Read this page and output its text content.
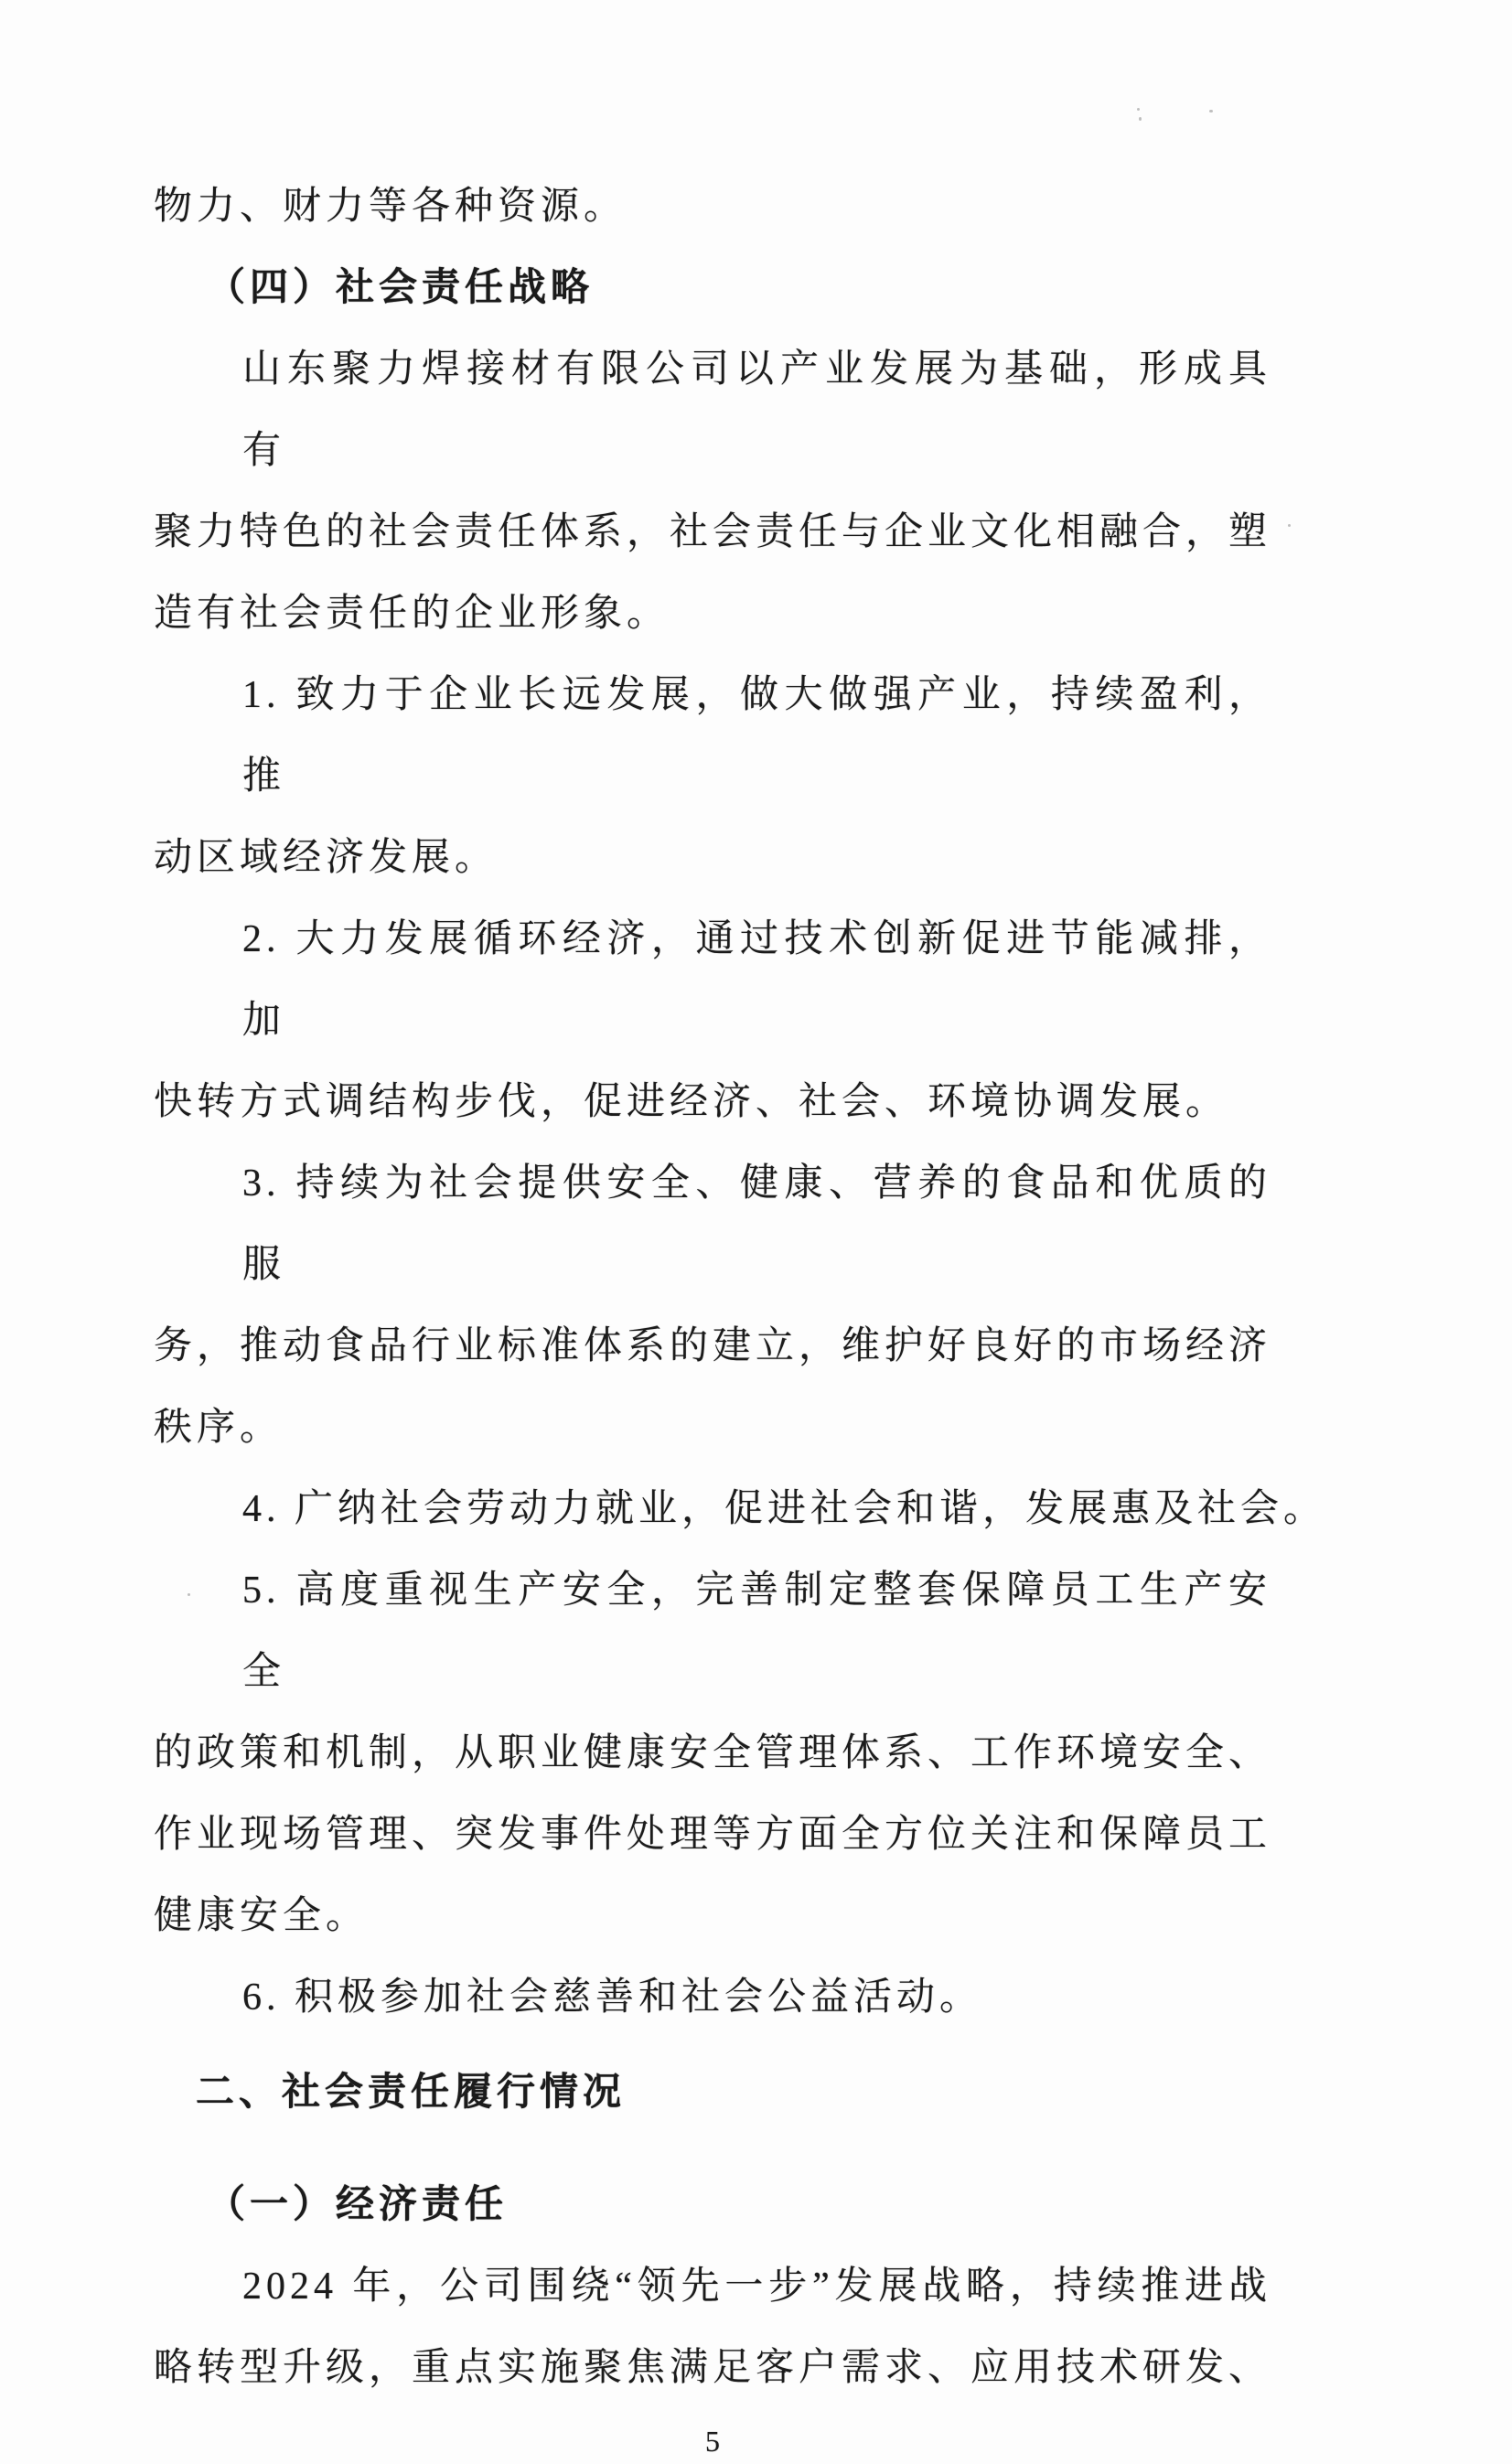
物力、财力等各种资源。
（四）社会责任战略
山东聚力焊接材有限公司以产业发展为基础，形成具有
聚力特色的社会责任体系，社会责任与企业文化相融合，塑
造有社会责任的企业形象。
1. 致力于企业长远发展，做大做强产业，持续盈利，推
动区域经济发展。
2. 大力发展循环经济，通过技术创新促进节能减排，加
快转方式调结构步伐，促进经济、社会、环境协调发展。
3. 持续为社会提供安全、健康、营养的食品和优质的服
务，推动食品行业标准体系的建立，维护好良好的市场经济
秩序。
4. 广纳社会劳动力就业，促进社会和谐，发展惠及社会。
5. 高度重视生产安全，完善制定整套保障员工生产安全
的政策和机制，从职业健康安全管理体系、工作环境安全、
作业现场管理、突发事件处理等方面全方位关注和保障员工
健康安全。
6. 积极参加社会慈善和社会公益活动。
二、社会责任履行情况
（一）经济责任
2024 年，公司围绕“领先一步”发展战略，持续推进战
略转型升级，重点实施聚焦满足客户需求、应用技术研发、
5
